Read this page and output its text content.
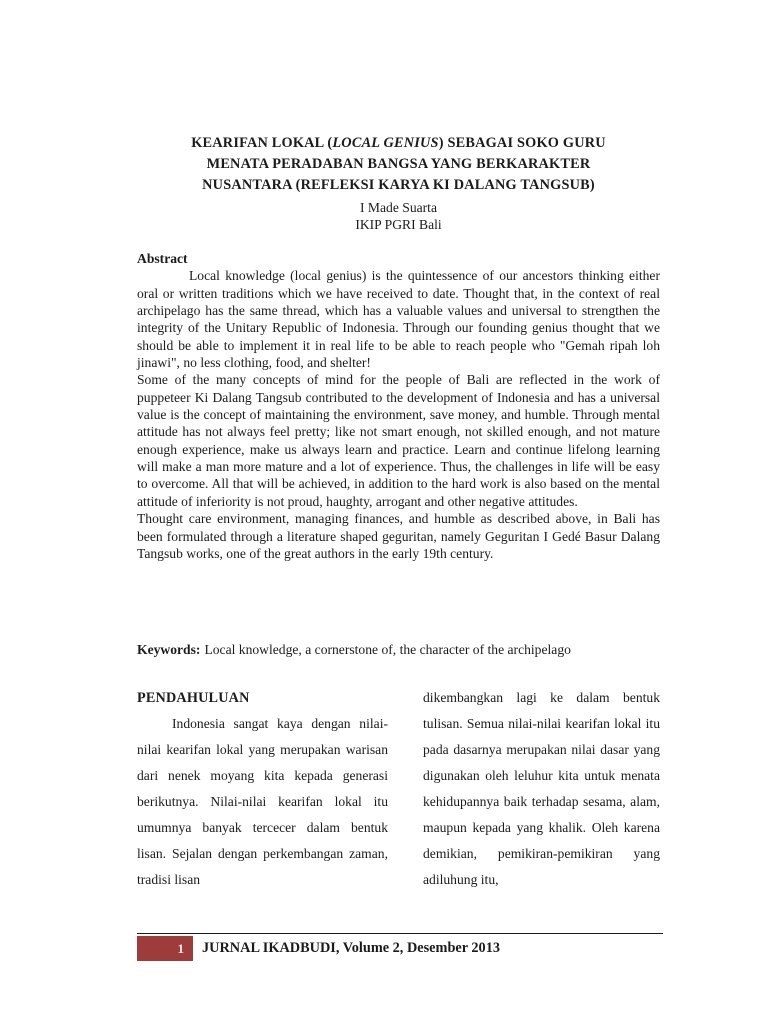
KEARIFAN LOKAL (LOCAL GENIUS) SEBAGAI SOKO GURU
MENATA PERADABAN BANGSA YANG BERKARAKTER
NUSANTARA (REFLEKSI KARYA KI DALANG TANGSUB)
I Made Suarta
IKIP PGRI Bali
Abstract

Local knowledge (local genius) is the quintessence of our ancestors thinking either oral or written traditions which we have received to date. Thought that, in the context of real archipelago has the same thread, which has a valuable values and universal to strengthen the integrity of the Unitary Republic of Indonesia. Through our founding genius thought that we should be able to implement it in real life to be able to reach people who "Gemah ripah loh jinawi", no less clothing, food, and shelter!

Some of the many concepts of mind for the people of Bali are reflected in the work of puppeteer Ki Dalang Tangsub contributed to the development of Indonesia and has a universal value is the concept of maintaining the environment, save money, and humble. Through mental attitude has not always feel pretty; like not smart enough, not skilled enough, and not mature enough experience, make us always learn and practice. Learn and continue lifelong learning will make a man more mature and a lot of experience. Thus, the challenges in life will be easy to overcome. All that will be achieved, in addition to the hard work is also based on the mental attitude of inferiority is not proud, haughty, arrogant and other negative attitudes.

Thought care environment, managing finances, and humble as described above, in Bali has been formulated through a literature shaped geguritan, namely Geguritan I Gedé Basur Dalang Tangsub works, one of the great authors in the early 19th century.

Keywords: Local knowledge, a cornerstone of, the character of the archipelago
PENDAHULUAN

Indonesia sangat kaya dengan nilai-nilai kearifan lokal yang merupakan warisan dari nenek moyang kita kepada generasi berikutnya. Nilai-nilai kearifan lokal itu umumnya banyak tercecer dalam bentuk lisan. Sejalan dengan perkembangan zaman, tradisi lisan

dikembangkan lagi ke dalam bentuk tulisan. Semua nilai-nilai kearifan lokal itu pada dasarnya merupakan nilai dasar yang digunakan oleh leluhur kita untuk menata kehidupannya baik terhadap sesama, alam, maupun kepada yang khalik. Oleh karena demikian, pemikiran-pemikiran yang adiluhung itu,

1	JURNAL IKADBUDI, Volume 2, Desember 2013
